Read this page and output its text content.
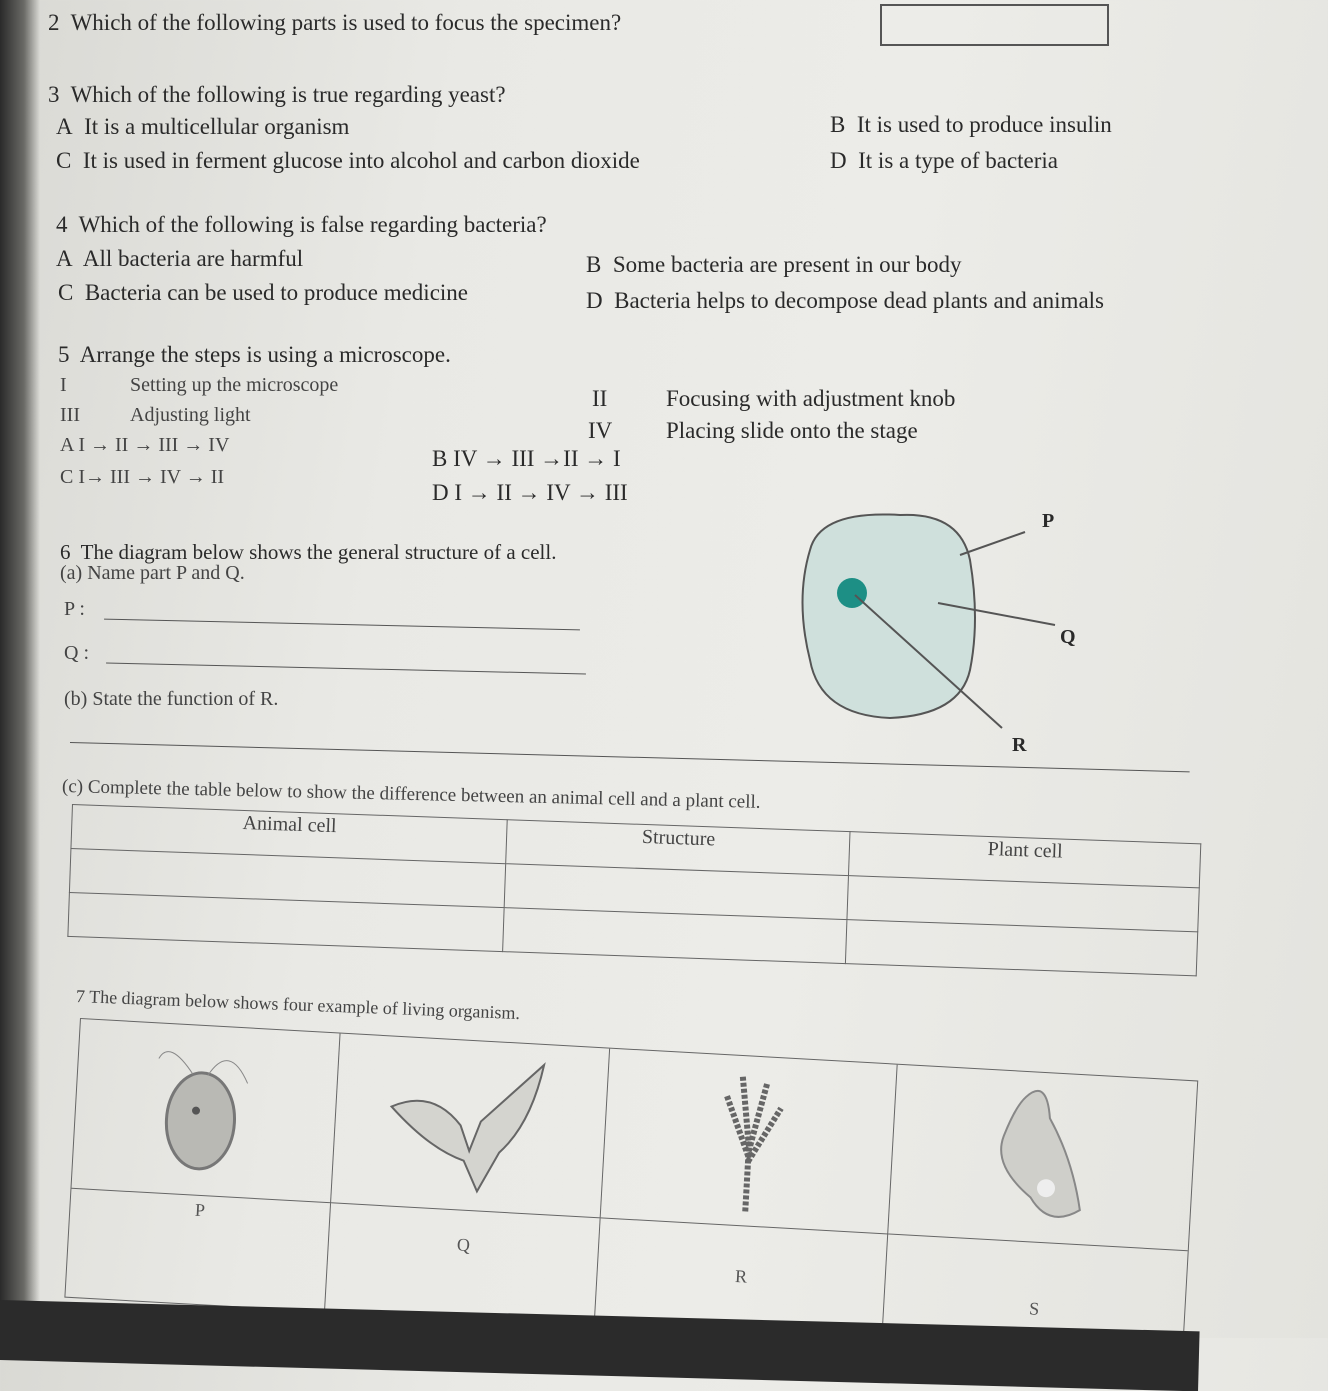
2 Which of the following parts is used to focus the specimen?
3 Which of the following is true regarding yeast?
A It is a multicellular organism	B It is used to produce insulin
C It is used in ferment glucose into alcohol and carbon dioxide	D It is a type of bacteria
4 Which of the following is false regarding bacteria?
A All bacteria are harmful	B Some bacteria are present in our body
C Bacteria can be used to produce medicine	D Bacteria helps to decompose dead plants and animals
5 Arrange the steps is using a microscope.
I	Setting up the microscope
II	Focusing with adjustment knob
III	Adjusting light
IV Placing slide onto the stage
A I → II → III → IV
B IV → III →II → I
C I→ III → IV → II
D I → II → IV → III
6 The diagram below shows the general structure of a cell.
(a) Name part P and Q.
P :
Q :
(b) State the function of R.
P
Q
R
(c) Complete the table below to show the difference between an animal cell and a plant cell.
Animal cell	Structure	Plant cell

7 The diagram below shows four example of living organism.
P
Q
R
S
